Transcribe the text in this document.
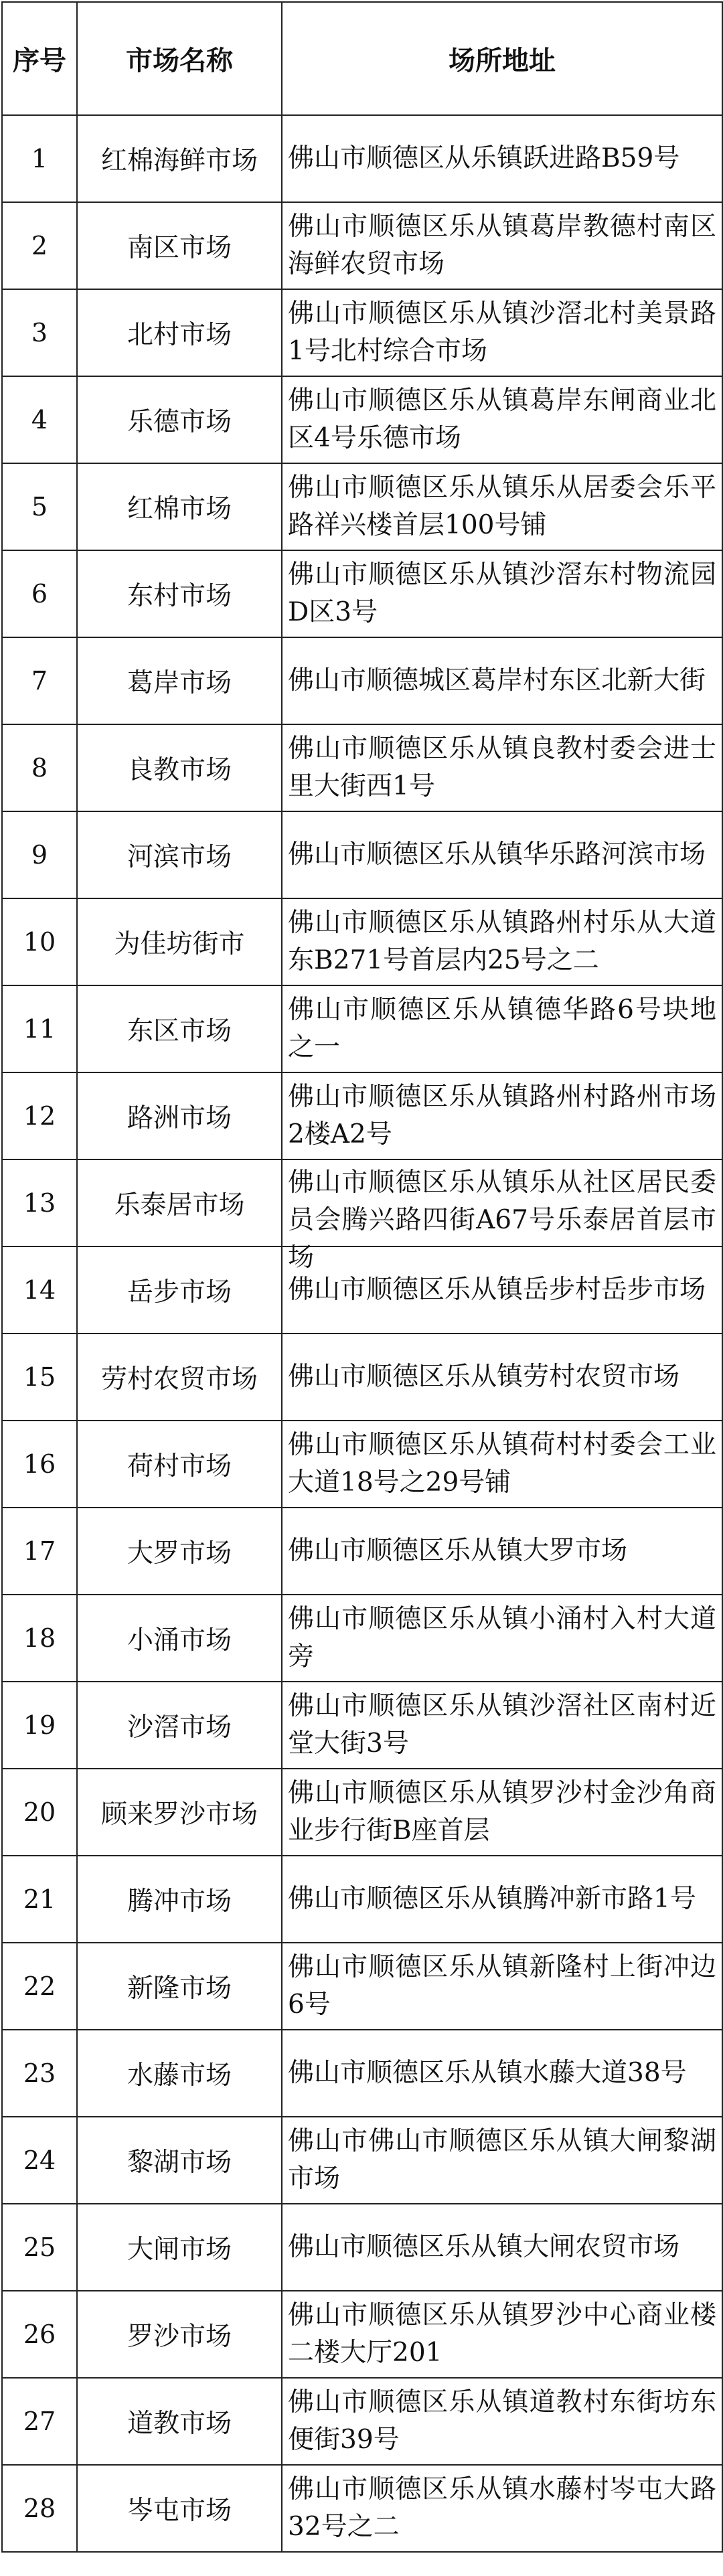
序号	市场名称	场所地址
1	红棉海鲜市场	佛山市顺德区从乐镇跃进路B59号

2	南区市场	佛山市顺德区乐从镇葛岸教德村南区海鲜农贸市场

3	北村市场	佛山市顺德区乐从镇沙滘北村美景路1号北村综合市场

4	乐德市场	佛山市顺德区乐从镇葛岸东闸商业北区4号乐德市场

5	红棉市场	佛山市顺德区乐从镇乐从居委会乐平路祥兴楼首层100号铺

6	东村市场	佛山市顺德区乐从镇沙滘东村物流园D区3号

7	葛岸市场	佛山市顺德城区葛岸村东区北新大街

8	良教市场	佛山市顺德区乐从镇良教村委会进士里大街西1号

9	河滨市场	佛山市顺德区乐从镇华乐路河滨市场

10	为佳坊街市	佛山市顺德区乐从镇路州村乐从大道东B271号首层内25号之二

11	东区市场	佛山市顺德区乐从镇德华路6号块地之一

12	路洲市场	佛山市顺德区乐从镇路州村路州市场2楼A2号

13	乐泰居市场	佛山市顺德区乐从镇乐从社区居民委员会腾兴路四街A67号乐泰居首层市场

14	岳步市场	佛山市顺德区乐从镇岳步村岳步市场

15	劳村农贸市场	佛山市顺德区乐从镇劳村农贸市场

16	荷村市场	佛山市顺德区乐从镇荷村村委会工业大道18号之29号铺

17	大罗市场	佛山市顺德区乐从镇大罗市场

18	小涌市场	佛山市顺德区乐从镇小涌村入村大道旁

19	沙滘市场	佛山市顺德区乐从镇沙滘社区南村近堂大街3号

20	顾来罗沙市场	佛山市顺德区乐从镇罗沙村金沙角商业步行街B座首层

21	腾冲市场	佛山市顺德区乐从镇腾冲新市路1号

22	新隆市场	佛山市顺德区乐从镇新隆村上街冲边6号

23	水藤市场	佛山市顺德区乐从镇水藤大道38号

24	黎湖市场	佛山市佛山市顺德区乐从镇大闸黎湖市场

25	大闸市场	佛山市顺德区乐从镇大闸农贸市场

26	罗沙市场	佛山市顺德区乐从镇罗沙中心商业楼二楼大厅201

27	道教市场	佛山市顺德区乐从镇道教村东街坊东便街39号

28	岑屯市场	佛山市顺德区乐从镇水藤村岑屯大路32号之二
